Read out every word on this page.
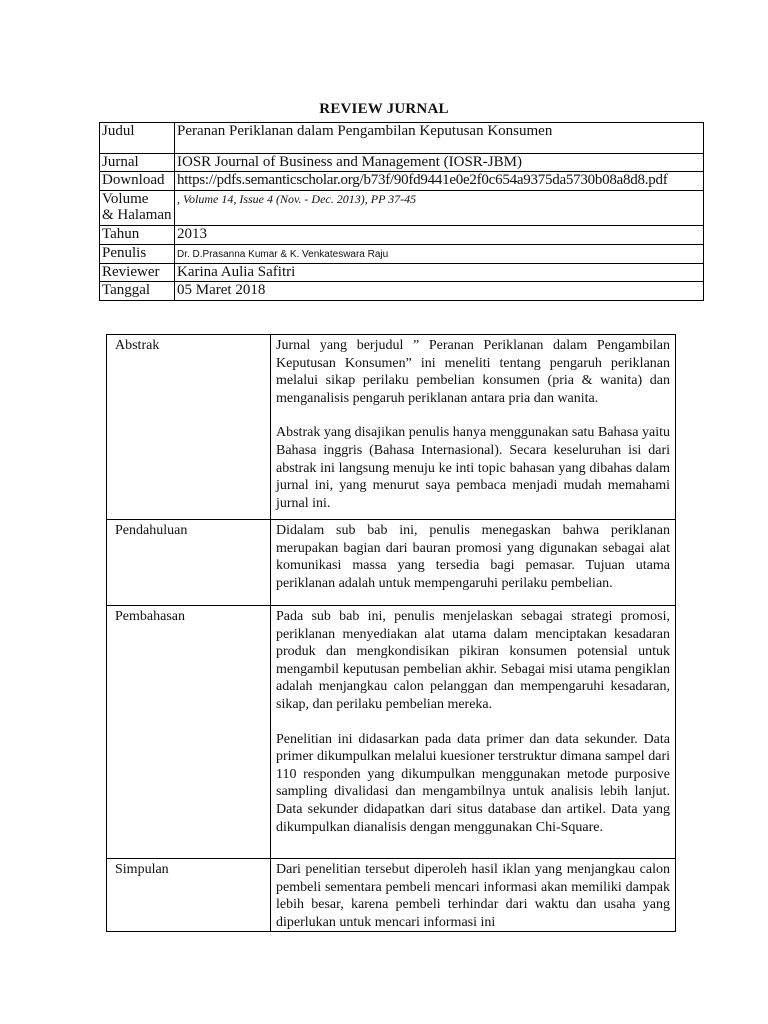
REVIEW JURNAL
Judul	Peranan Periklanan dalam Pengambilan Keputusan Konsumen
Jurnal	IOSR Journal of Business and Management (IOSR-JBM)
Download	https://pdfs.semanticscholar.org/b73f/90fd9441e0e2f0c654a9375da5730b08a8d8.pdf
Volume
& Halaman	, Volume 14, Issue 4 (Nov. - Dec. 2013), PP 37-45
Tahun	2013
Penulis	Dr. D.Prasanna Kumar & K. Venkateswara Raju
Reviewer	Karina Aulia Safitri
Tanggal	05 Maret 2018
Abstrak	Jurnal yang berjudul ” Peranan Periklanan dalam Pengambilan Keputusan Konsumen” ini meneliti tentang pengaruh periklanan melalui sikap perilaku pembelian konsumen (pria & wanita) dan menganalisis pengaruh periklanan antara pria dan wanita.

Abstrak yang disajikan penulis hanya menggunakan satu Bahasa yaitu Bahasa inggris (Bahasa Internasional). Secara keseluruhan isi dari abstrak ini langsung menuju ke inti topic bahasan yang dibahas dalam jurnal ini, yang menurut saya pembaca menjadi mudah memahami jurnal ini.

Pendahuluan	Didalam sub bab ini, penulis menegaskan bahwa periklanan merupakan bagian dari bauran promosi yang digunakan sebagai alat komunikasi massa yang tersedia bagi pemasar. Tujuan utama periklanan adalah untuk mempengaruhi perilaku pembelian.

Pembahasan	Pada sub bab ini, penulis menjelaskan sebagai strategi promosi, periklanan menyediakan alat utama dalam menciptakan kesadaran produk dan mengkondisikan pikiran konsumen potensial untuk mengambil keputusan pembelian akhir. Sebagai misi utama pengiklan adalah menjangkau calon pelanggan dan mempengaruhi kesadaran, sikap, dan perilaku pembelian mereka.

Penelitian ini didasarkan pada data primer dan data sekunder. Data primer dikumpulkan melalui kuesioner terstruktur dimana sampel dari 110 responden yang dikumpulkan menggunakan metode purposive sampling divalidasi dan mengambilnya untuk analisis lebih lanjut. Data sekunder didapatkan dari situs database dan artikel. Data yang dikumpulkan dianalisis dengan menggunakan Chi-Square.

Simpulan	Dari penelitian tersebut diperoleh hasil iklan yang menjangkau calon pembeli sementara pembeli mencari informasi akan memiliki dampak lebih besar, karena pembeli terhindar dari waktu dan usaha yang diperlukan untuk mencari informasi ini
